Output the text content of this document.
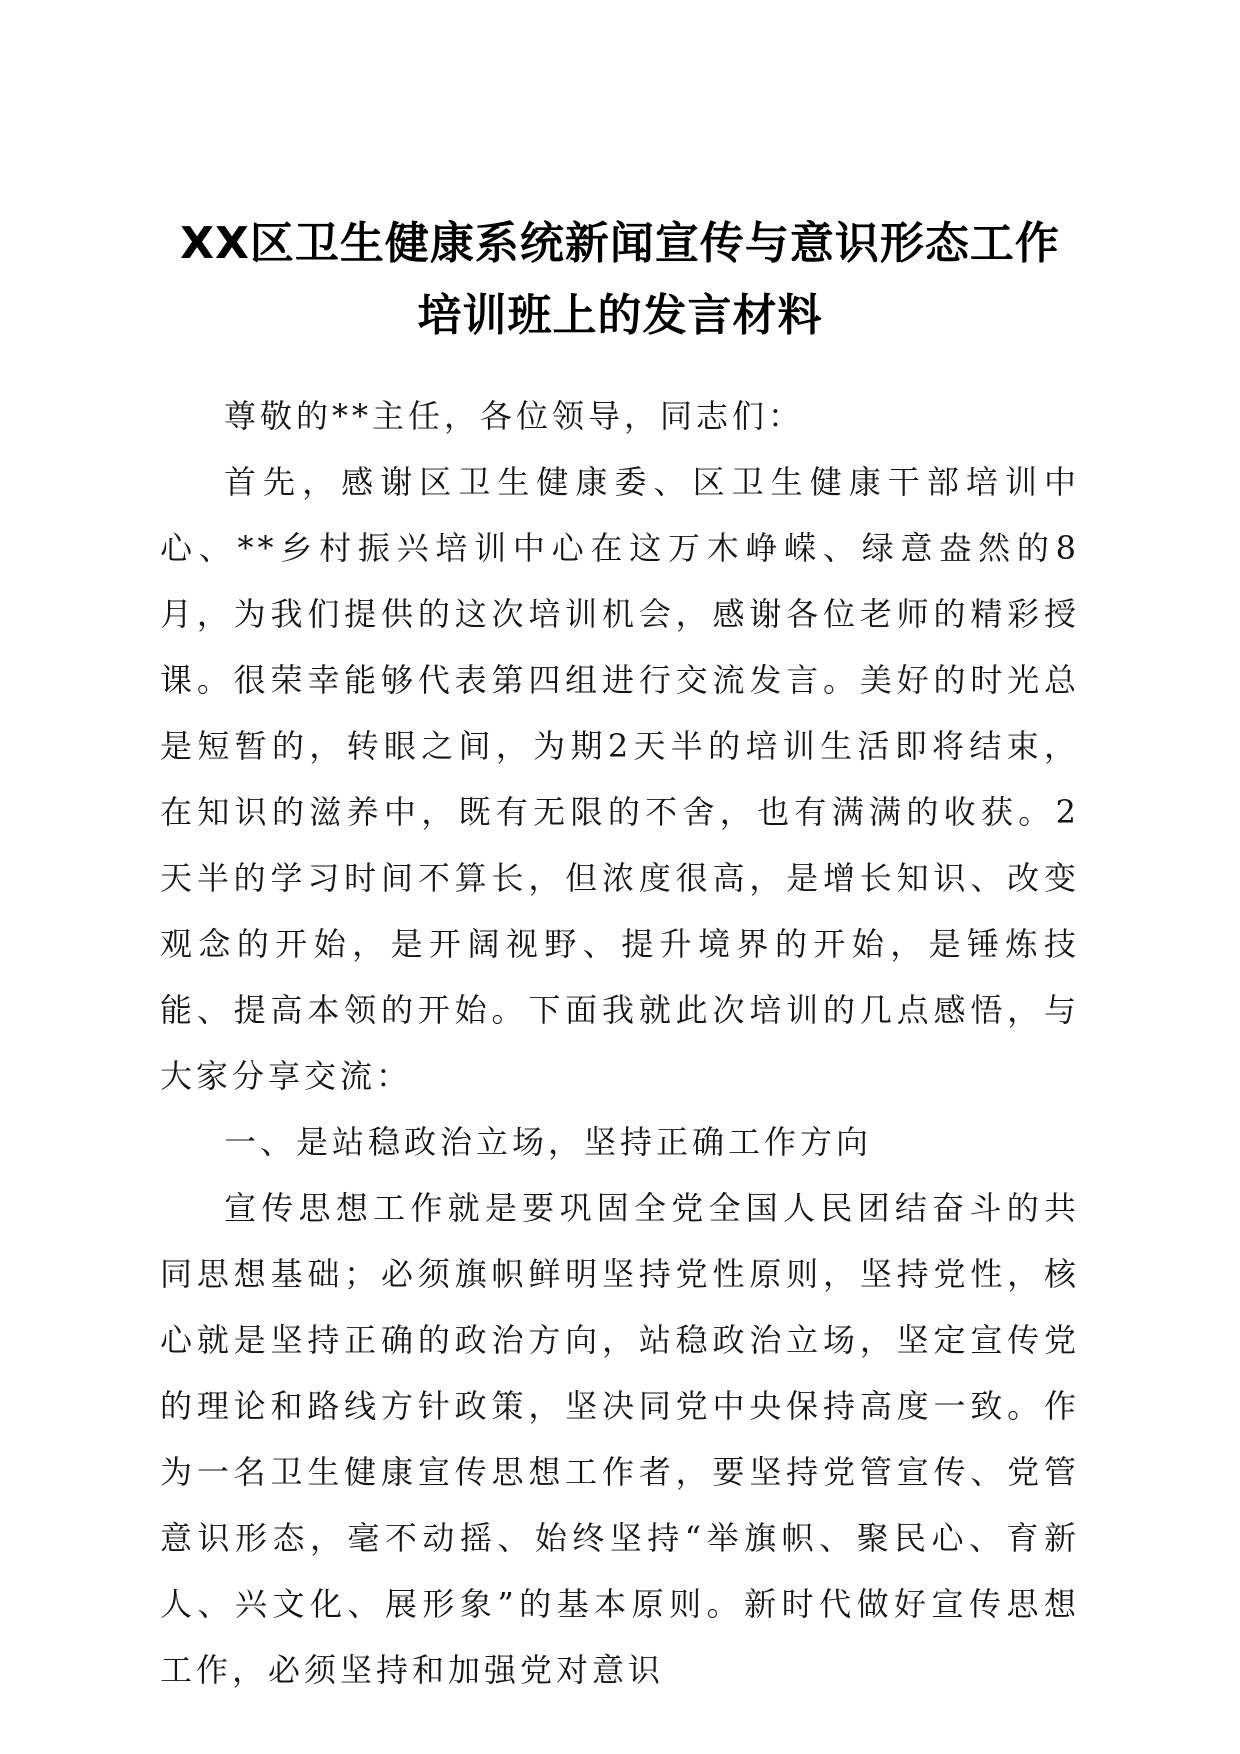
XX区卫生健康系统新闻宣传与意识形态工作
培训班上的发言材料

尊敬的**主任，各位领导，同志们：

首先，感谢区卫生健康委、区卫生健康干部培训中心、**乡村振兴培训中心在这万木峥嵘、绿意盎然的8月，为我们提供的这次培训机会，感谢各位老师的精彩授课。很荣幸能够代表第四组进行交流发言。美好的时光总是短暂的，转眼之间，为期2天半的培训生活即将结束，在知识的滋养中，既有无限的不舍，也有满满的收获。2天半的学习时间不算长，但浓度很高，是增长知识、改变观念的开始，是开阔视野、提升境界的开始，是锤炼技能、提高本领的开始。下面我就此次培训的几点感悟，与大家分享交流：

一、是站稳政治立场，坚持正确工作方向

宣传思想工作就是要巩固全党全国人民团结奋斗的共同思想基础；必须旗帜鲜明坚持党性原则，坚持党性，核心就是坚持正确的政治方向，站稳政治立场，坚定宣传党的理论和路线方针政策，坚决同党中央保持高度一致。作为一名卫生健康宣传思想工作者，要坚持党管宣传、党管意识形态，毫不动摇、始终坚持“举旗帜、聚民心、育新人、兴文化、展形象”的基本原则。新时代做好宣传思想工作，必须坚持和加强党对意识
